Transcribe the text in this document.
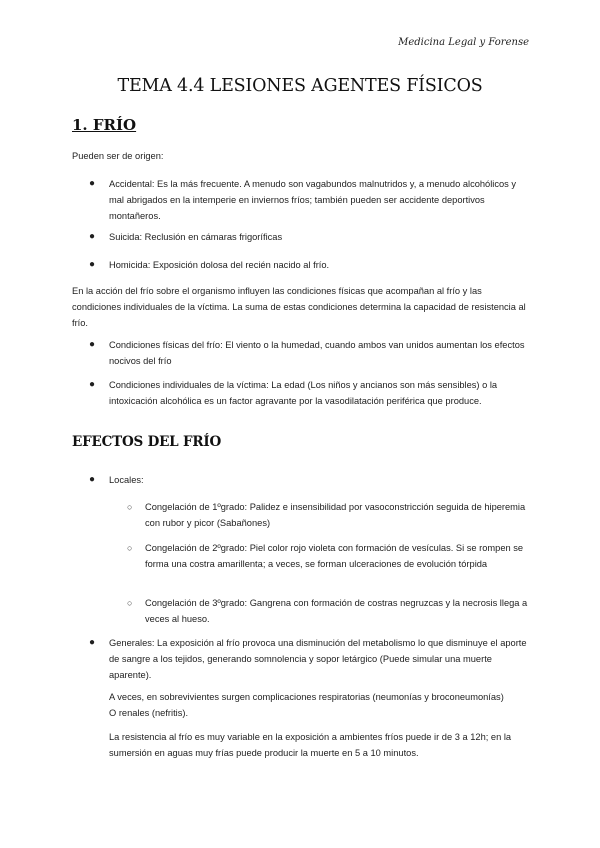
Medicina Legal y Forense
TEMA 4.4 LESIONES AGENTES FÍSICOS
1. FRÍO

Pueden ser de origen:

● Accidental: Es la más frecuente. A menudo son vagabundos malnutridos y, a menudo alcohólicos y mal abrigados en la intemperie en inviernos fríos; también pueden ser accidente deportivos montañeros.

● Suicida: Reclusión en cámaras frigoríficas

● Homicida: Exposición dolosa del recién nacido al frío.

En la acción del frío sobre el organismo influyen las condiciones físicas que acompañan al frío y las condiciones individuales de la víctima. La suma de estas condiciones determina la capacidad de resistencia al frío.

● Condiciones físicas del frío: El viento o la humedad, cuando ambos van unidos aumentan los efectos nocivos del frío

● Condiciones individuales de la víctima: La edad (Los niños y ancianos son más sensibles) o la intoxicación alcohólica es un factor agravante por la vasodilatación periférica que produce.

EFECTOS DEL FRÍO
● Locales:

○ Congelación de 1ºgrado: Palidez e insensibilidad por vasoconstricción seguida de hiperemia con rubor y picor (Sabañones)

○ Congelación de 2ºgrado: Piel color rojo violeta con formación de vesículas. Si se rompen se forma una costra amarillenta; a veces, se forman ulceraciones de evolución tórpida

○ Congelación de 3ºgrado: Gangrena con formación de costras negruzcas y la necrosis llega a veces al hueso.

● Generales: La exposición al frío provoca una disminución del metabolismo lo que disminuye el aporte de sangre a los tejidos, generando somnolencia y sopor letárgico (Puede simular una muerte aparente).

A veces, en sobrevivientes surgen complicaciones respiratorias (neumonías y broconeumonías) O renales (nefritis).

La resistencia al frío es muy variable en la exposición a ambientes fríos puede ir de 3 a 12h; en la sumersión en aguas muy frías puede producir la muerte en 5 a 10 minutos.
